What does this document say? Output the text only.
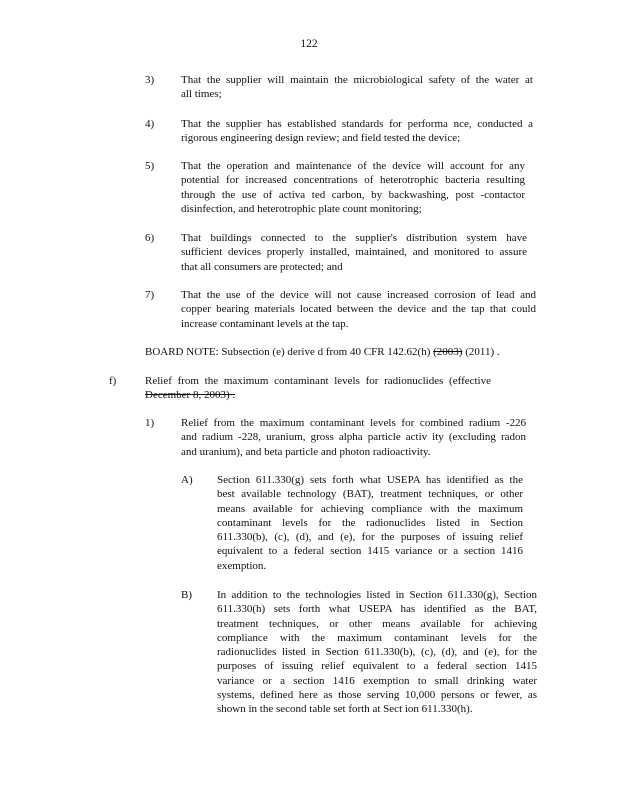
122
3) That the supplier will maintain the microbiological safety of the water at
all times;
4) That the supplier has established standards for performa nce, conducted a
rigorous engineering design review; and field tested the device;
5) That the operation and maintenance of the device will account for any
potential for increased concentrations of heterotrophic bacteria resulting
through the use of activa ted carbon, by backwashing, post -contactor
disinfection, and heterotrophic plate count monitoring;
6) That buildings connected to the supplier's distribution system have
sufficient devices properly installed, maintained, and monitored to assure
that all consumers are protected; and
7) That the use of the device will not cause increased corrosion of lead and
copper bearing materials located between the device and the tap that could
increase contaminant levels at the tap.
BOARD NOTE: Subsection (e) derive d from 40 CFR 142.62(h) (2003) (2011) .
f)	Relief from the maximum contaminant levels for radionuclides (effective
December 8, 2003) .
1) Relief from the maximum contaminant levels for combined radium -226
and radium -228, uranium, gross alpha particle activ ity (excluding radon
and uranium), and beta particle and photon radioactivity.
A) Section 611.330(g) sets forth what USEPA has identified as the
best available technology (BAT), treatment techniques, or other
means available for achieving compliance with the maximum
contaminant levels for the radionuclides listed in Section
611.330(b), (c), (d), and (e), for the purposes of issuing relief
equivalent to a federal section 1415 variance or a section 1416
exemption.
B) In addition to the technologies listed in Section 611.330(g), Section
611.330(h) sets forth what USEPA has identified as the BAT,
treatment techniques, or other means available for achieving
compliance with the maximum contaminant levels for the
radionuclides listed in Section 611.330(b), (c), (d), and (e), for the
purposes of issuing relief equivalent to a federal section 1415
variance or a section 1416 exemption to small drinking water
systems, defined here as those serving 10,000 persons or fewer, as
shown in the second table set forth at Sect ion 611.330(h).
